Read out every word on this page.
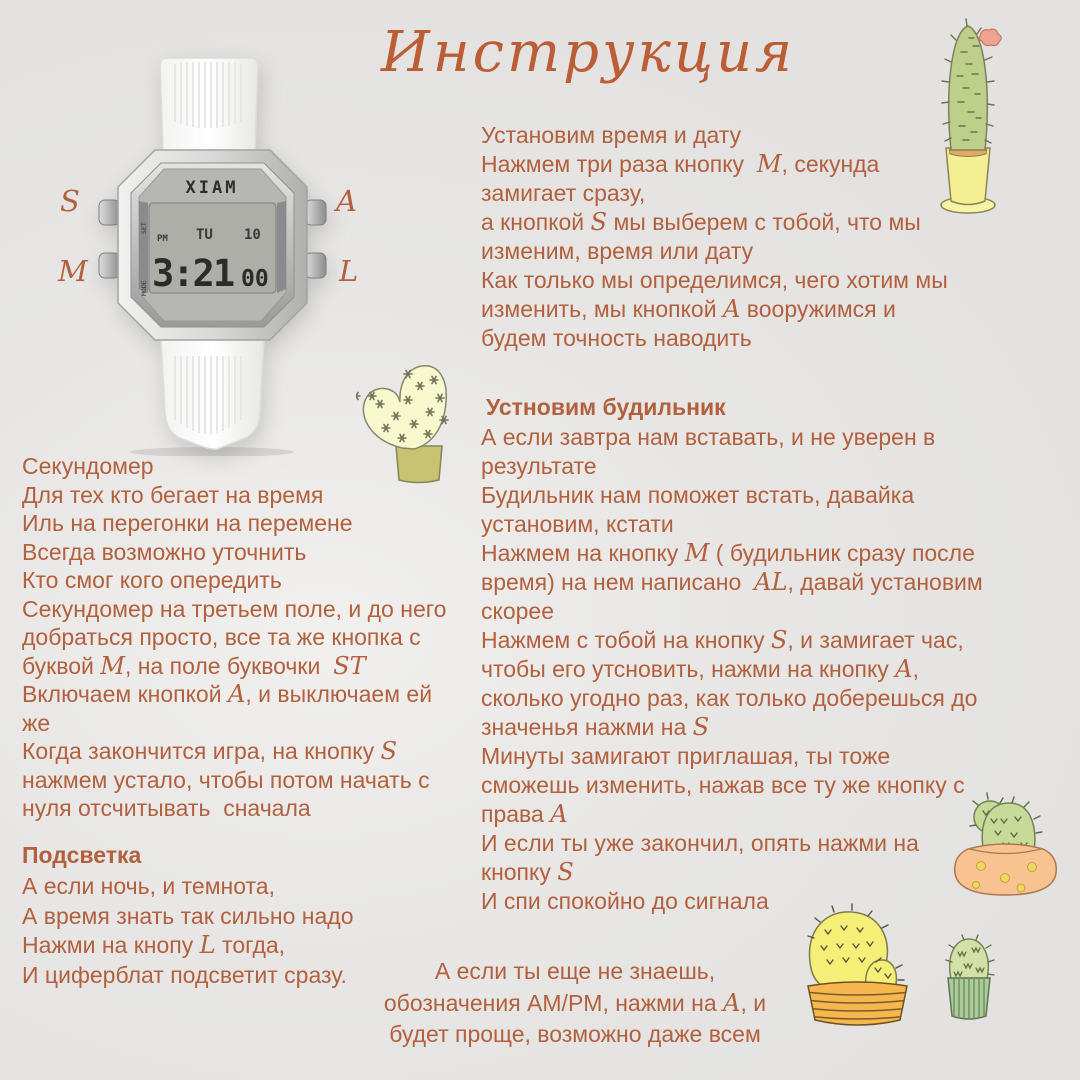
Инструкция
XIAM
SET
MODE
PM TU 10
3:21 00
S
M
A
L
Установим время и дату
Нажмем три раза кнопку  M, секунда
замигает сразу,
а кнопкой S мы выберем с тобой, что мы
изменим, время или дату
Как только мы определимся, чего хотим мы
изменить, мы кнопкой A вооружимся и
будем точность наводить
Устновим будильник
А если завтра нам вставать, и не уверен в
результате
Будильник нам поможет встать, давайка
установим, кстати
Нажмем на кнопку M ( будильник сразу после
время) на нем написано  AL, давай установим
скорее
Нажмем с тобой на кнопку S, и замигает час,
чтобы его утсновить, нажми на кнопку A,
сколько угодно раз, как только доберешься до
значенья нажми на S
Минуты замигают приглашая, ты тоже
сможешь изменить, нажав все ту же кнопку с
права A
И если ты уже закончил, опять нажми на
кнопку S
И спи спокойно до сигнала
Секундомер
Для тех кто бегает на время
Иль на перегонки на перемене
Всегда возможно уточнить
Кто смог кого опередить
Секундомер на третьем поле, и до него
добраться просто, все та же кнопка с
буквой M, на поле буквочки  ST
Включаем кнопкой A, и выключаем ей
же
Когда закончится игра, на кнопку S
нажмем устало, чтобы потом начать с
нуля отсчитывать  сначала
Подсветка
А если ночь, и темнота,
А время знать так сильно надо
Нажми на кнопу L тогда,
И циферблат подсветит сразу.	А если ты еще не знаешь,
обозначения AM/PM, нажми на A, и
будет проще, возможно даже всем
